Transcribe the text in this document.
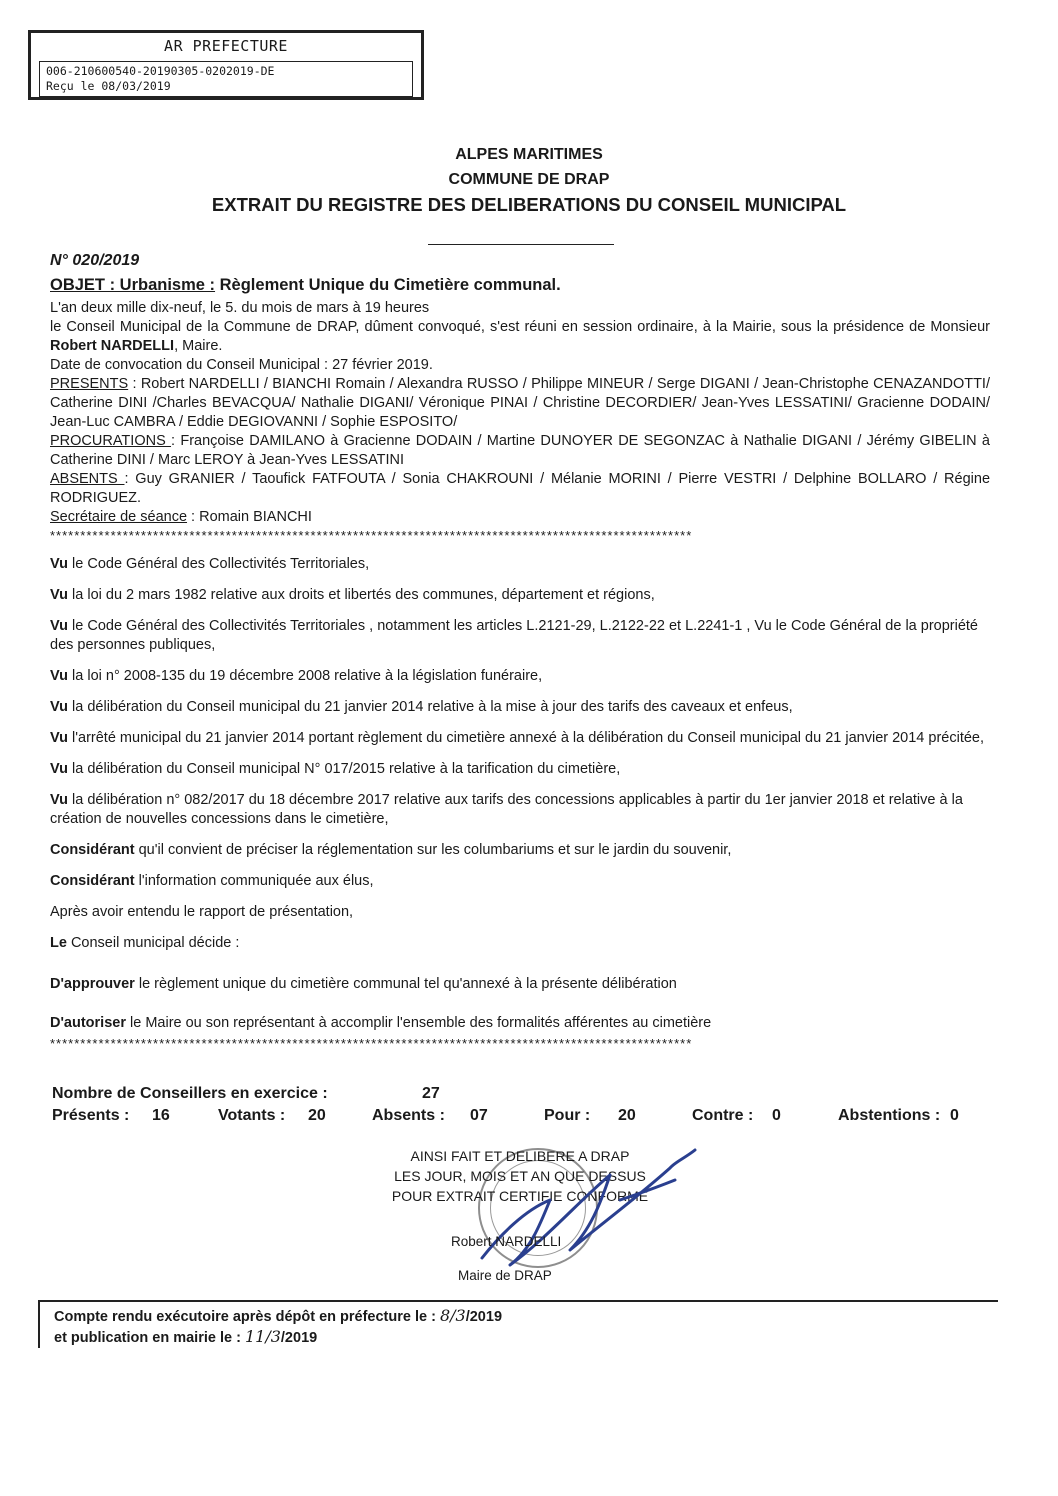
AR PREFECTURE
006-210600540-20190305-0202019-DE
Reçu le 08/03/2019
ALPES MARITIMES
COMMUNE DE DRAP
EXTRAIT DU REGISTRE DES DELIBERATIONS DU CONSEIL MUNICIPAL
N° 020/2019
OBJET : Urbanisme : Règlement Unique du Cimetière communal.

L'an deux mille dix-neuf, le 5. du mois de mars à 19 heures

le Conseil Municipal de la Commune de DRAP, dûment convoqué, s'est réuni en session ordinaire, à la Mairie, sous la présidence de Monsieur Robert NARDELLI, Maire.

Date de convocation du Conseil Municipal : 27 février 2019.

PRESENTS : Robert NARDELLI / BIANCHI Romain / Alexandra RUSSO / Philippe MINEUR / Serge DIGANI / Jean-Christophe CENAZANDOTTI/ Catherine DINI /Charles BEVACQUA/ Nathalie DIGANI/ Véronique PINAI / Christine DECORDIER/ Jean-Yves LESSATINI/ Gracienne DODAIN/ Jean-Luc CAMBRA / Eddie DEGIOVANNI / Sophie ESPOSITO/

PROCURATIONS : Françoise DAMILANO à Gracienne DODAIN / Martine DUNOYER DE SEGONZAC à Nathalie DIGANI / Jérémy GIBELIN à Catherine DINI / Marc LEROY à Jean-Yves LESSATINI

ABSENTS : Guy GRANIER / Taoufick FATFOUTA / Sonia CHAKROUNI / Mélanie MORINI / Pierre VESTRI / Delphine BOLLARO / Régine RODRIGUEZ.

Secrétaire de séance : Romain BIANCHI

**********************************************************************************************************

Vu le Code Général des Collectivités Territoriales,

Vu la loi du 2 mars 1982 relative aux droits et libertés des communes, département et régions,

Vu le Code Général des Collectivités Territoriales , notamment les articles L.2121-29, L.2122-22 et L.2241-1 , Vu le Code Général de la propriété des personnes publiques,

Vu la loi n° 2008-135 du 19 décembre 2008 relative à la législation funéraire,

Vu la délibération du Conseil municipal du 21 janvier 2014 relative à la mise à jour des tarifs des caveaux et enfeus,

Vu l'arrêté municipal du 21 janvier 2014 portant règlement du cimetière annexé à la délibération du Conseil municipal du 21 janvier 2014 précitée,

Vu la délibération du Conseil municipal N° 017/2015 relative à la tarification du cimetière,

Vu la délibération n° 082/2017 du 18 décembre 2017 relative aux tarifs des concessions applicables à partir du 1er janvier 2018 et relative à la création de nouvelles concessions dans le cimetière,

Considérant qu'il convient de préciser la réglementation sur les columbariums et sur le jardin du souvenir,

Considérant l'information communiquée aux élus,

Après avoir entendu le rapport de présentation,

Le Conseil municipal décide :

D'approuver le règlement unique du cimetière communal tel qu'annexé à la présente délibération

D'autoriser le Maire ou son représentant à accomplir l'ensemble des formalités afférentes au cimetière

**********************************************************************************************************
Nombre de Conseillers en exercice :	27
Présents : 16	Votants : 20	Absents : 07	Pour : 20	Contre : 0	Abstentions : 0
AINSI FAIT ET DELIBERE A DRAP
LES JOUR, MOIS ET AN QUE DESSUS
POUR EXTRAIT CERTIFIE CONFORME
Robert NARDELLI
Maire de DRAP
Compte rendu exécutoire après dépôt en préfecture le : 8/3/2019
et publication en mairie le : 11/3/2019
